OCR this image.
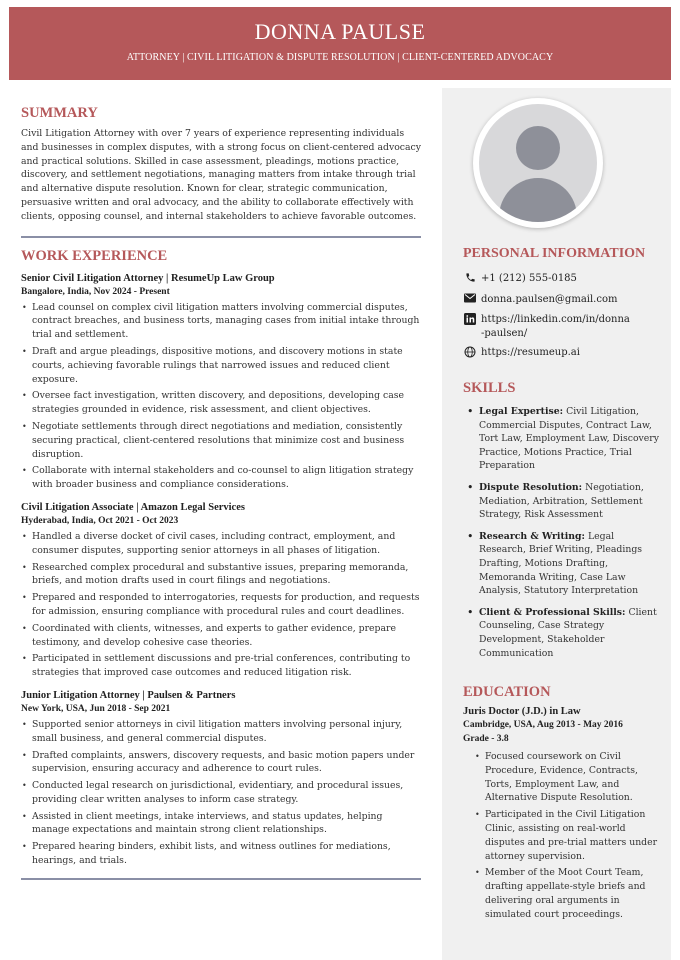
DONNA PAULSE
ATTORNEY | CIVIL LITIGATION & DISPUTE RESOLUTION | CLIENT-CENTERED ADVOCACY
SUMMARY

Civil Litigation Attorney with over 7 years of experience representing individuals and businesses in complex disputes, with a strong focus on client-centered advocacy and practical solutions. Skilled in case assessment, pleadings, motions practice, discovery, and settlement negotiations, managing matters from intake through trial and alternative dispute resolution. Known for clear, strategic communication, persuasive written and oral advocacy, and the ability to collaborate effectively with clients, opposing counsel, and internal stakeholders to achieve favorable outcomes.

WORK EXPERIENCE

Senior Civil Litigation Attorney | ResumeUp Law Group

Bangalore, India, Nov 2024 - Present

• Lead counsel on complex civil litigation matters involving commercial disputes, contract breaches, and business torts, managing cases from initial intake through trial and settlement.
• Draft and argue pleadings, dispositive motions, and discovery motions in state courts, achieving favorable rulings that narrowed issues and reduced client exposure.
• Oversee fact investigation, written discovery, and depositions, developing case strategies grounded in evidence, risk assessment, and client objectives.
• Negotiate settlements through direct negotiations and mediation, consistently securing practical, client-centered resolutions that minimize cost and business disruption.
• Collaborate with internal stakeholders and co-counsel to align litigation strategy with broader business and compliance considerations.

Civil Litigation Associate | Amazon Legal Services

Hyderabad, India, Oct 2021 - Oct 2023

• Handled a diverse docket of civil cases, including contract, employment, and consumer disputes, supporting senior attorneys in all phases of litigation.
• Researched complex procedural and substantive issues, preparing memoranda, briefs, and motion drafts used in court filings and negotiations.
• Prepared and responded to interrogatories, requests for production, and requests for admission, ensuring compliance with procedural rules and court deadlines.
• Coordinated with clients, witnesses, and experts to gather evidence, prepare testimony, and develop cohesive case theories.
• Participated in settlement discussions and pre-trial conferences, contributing to strategies that improved case outcomes and reduced litigation risk.

Junior Litigation Attorney | Paulsen & Partners

New York, USA, Jun 2018 - Sep 2021

• Supported senior attorneys in civil litigation matters involving personal injury, small business, and general commercial disputes.
• Drafted complaints, answers, discovery requests, and basic motion papers under supervision, ensuring accuracy and adherence to court rules.
• Conducted legal research on jurisdictional, evidentiary, and procedural issues, providing clear written analyses to inform case strategy.
• Assisted in client meetings, intake interviews, and status updates, helping manage expectations and maintain strong client relationships.
• Prepared hearing binders, exhibit lists, and witness outlines for mediations, hearings, and trials.
PERSONAL INFORMATION
+1 (212) 555-0185
donna.paulsen@gmail.com
https://linkedin.com/in/donna-paulsen/
https://resumeup.ai
SKILLS
• Legal Expertise: Civil Litigation, Commercial Disputes, Contract Law, Tort Law, Employment Law, Discovery Practice, Motions Practice, Trial Preparation
• Dispute Resolution: Negotiation, Mediation, Arbitration, Settlement Strategy, Risk Assessment
• Research & Writing: Legal Research, Brief Writing, Pleadings Drafting, Motions Drafting, Memoranda Writing, Case Law Analysis, Statutory Interpretation
• Client & Professional Skills: Client Counseling, Case Strategy Development, Stakeholder Communication
EDUCATION

Juris Doctor (J.D.) in Law

Cambridge, USA, Aug 2013 - May 2016

Grade - 3.8

• Focused coursework on Civil Procedure, Evidence, Contracts, Torts, Employment Law, and Alternative Dispute Resolution.
• Participated in the Civil Litigation Clinic, assisting on real-world disputes and pre-trial matters under attorney supervision.
• Member of the Moot Court Team, drafting appellate-style briefs and delivering oral arguments in simulated court proceedings.
